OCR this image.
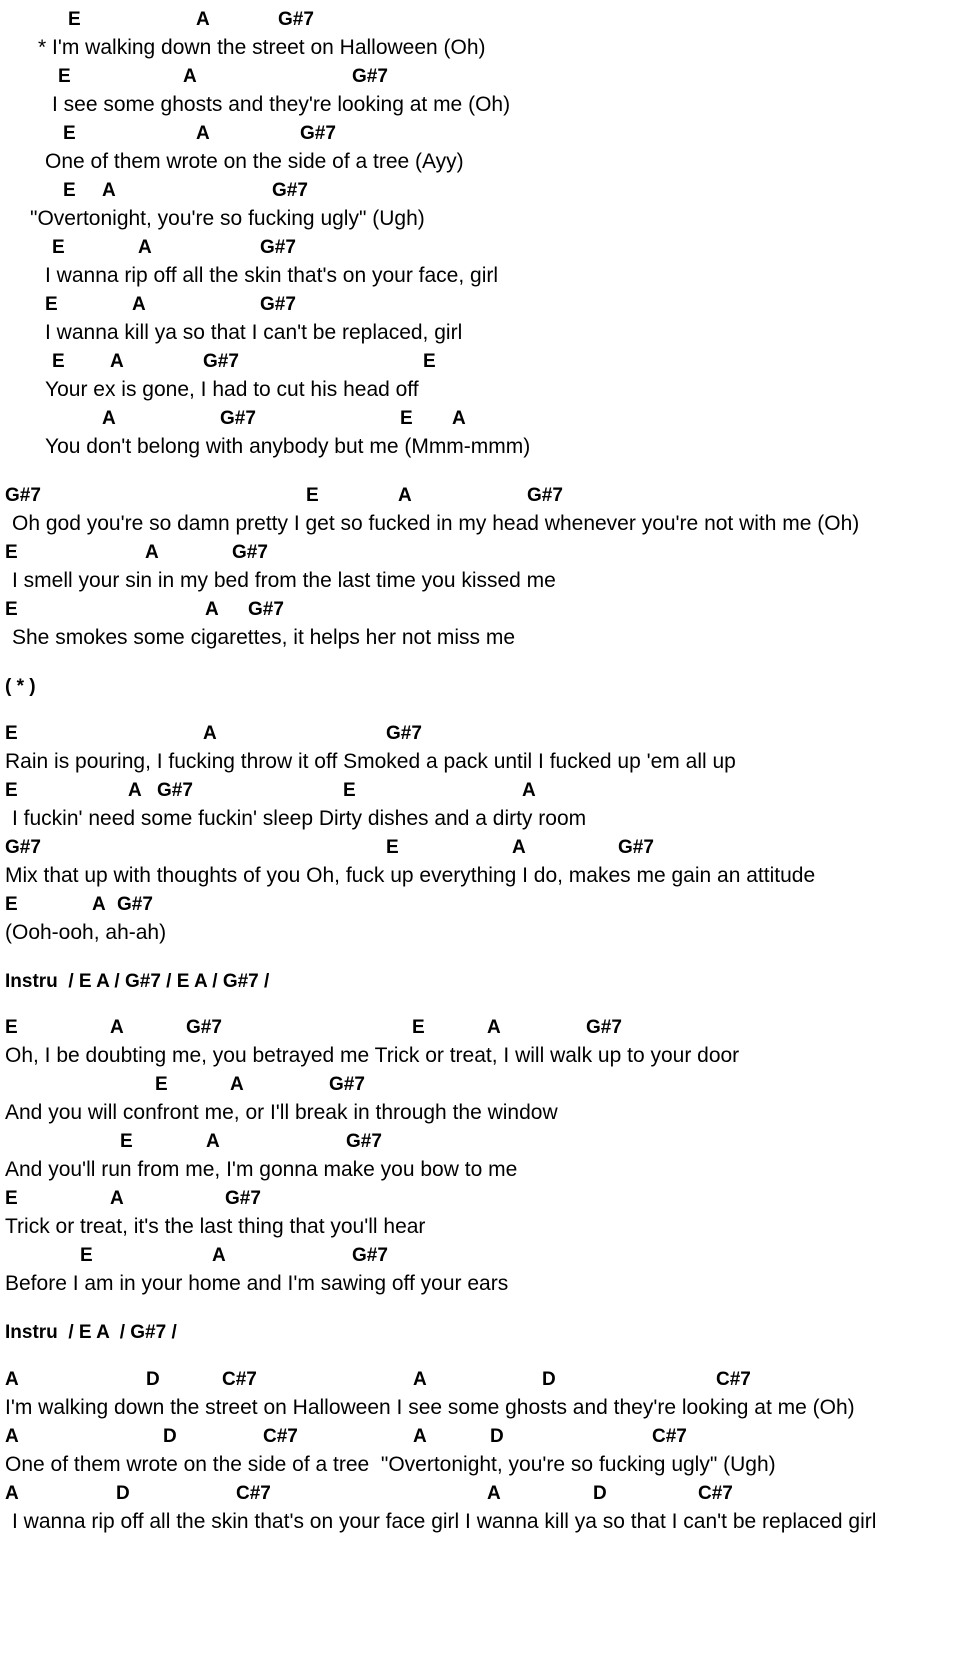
E	A	G#7
* I'm walking down the street on Halloween (Oh)
E	A	G#7
I see some ghosts and they're looking at me (Oh)
E	A	G#7
One of them wrote on the side of a tree (Ayy)
E A	G#7
"Overtonight, you're so fucking ugly" (Ugh)
E	A	G#7
I wanna rip off all the skin that's on your face, girl
E	A	G#7
I wanna kill ya so that I can't be replaced, girl
E A	G#7	E
Your ex is gone, I had to cut his head off
A	G#7	E A
You don't belong with anybody but me (Mmm-mmm)
G#7	E	A	G#7
Oh god you're so damn pretty I get so fucked in my head whenever you're not with me (Oh)
E	A	G#7
I smell your sin in my bed from the last time you kissed me
E	A G#7
She smokes some cigarettes, it helps her not miss me
( * )
E	A	G#7
Rain is pouring, I fucking throw it off Smoked a pack until I fucked up 'em all up
E	A G#7	E	A
I fuckin' need some fuckin' sleep Dirty dishes and a dirty room
G#7	E	A	G#7
Mix that up with thoughts of you Oh, fuck up everything I do, makes me gain an attitude
E	A G#7
(Ooh-ooh, ah-ah)
Instru  / E A / G#7 / E A / G#7 /
E	A	G#7	E	A	G#7
Oh, I be doubting me, you betrayed me Trick or treat, I will walk up to your door
E	A	G#7
And you will confront me, or I'll break in through the window
E	A	G#7
And you'll run from me, I'm gonna make you bow to me
E	A	G#7
Trick or treat, it's the last thing that you'll hear
E	A	G#7
Before I am in your home and I'm sawing off your ears
Instru  / E A  / G#7 /
A	D	C#7	A	D	C#7
I'm walking down the street on Halloween I see some ghosts and they're looking at me (Oh)
A	D	C#7	A	D	C#7
One of them wrote on the side of a tree  "Overtonight, you're so fucking ugly" (Ugh)
A	D	C#7	A	D	C#7
I wanna rip off all the skin that's on your face girl I wanna kill ya so that I can't be replaced girl
